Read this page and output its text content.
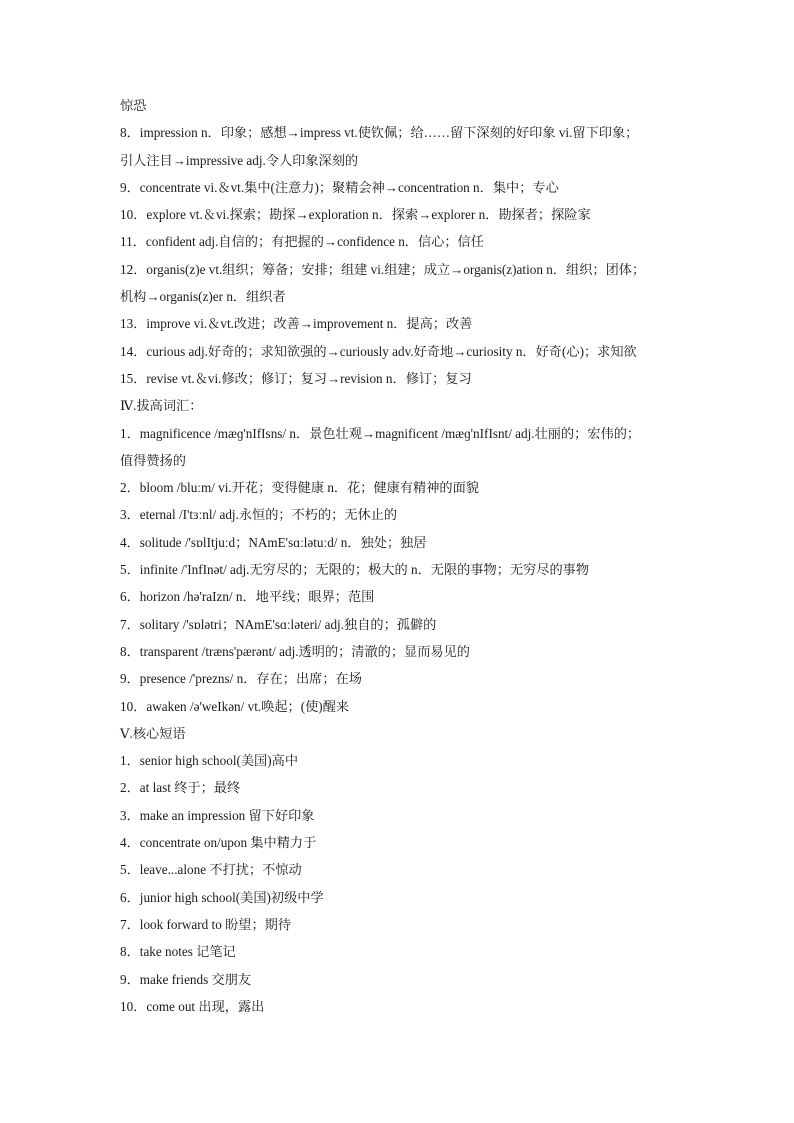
惊恐
8．impression n．印象；感想→impress vt.使钦佩；给……留下深刻的好印象 vi.留下印象；
引人注目→impressive adj.令人印象深刻的
9．concentrate vi.＆vt.集中(注意力)；聚精会神→concentration n．集中；专心
10．explore vt.＆vi.探索；勘探→exploration n．探索→explorer n．勘探者；探险家
11．confident adj.自信的；有把握的→confidence n．信心；信任
12．organis(z)e vt.组织；筹备；安排；组建 vi.组建；成立→organis(z)ation n．组织；团体；
机构→organis(z)er n．组织者
13．improve vi.＆vt.改进；改善→improvement n．提高；改善
14．curious adj.好奇的；求知欲强的→curiously adv.好奇地→curiosity n．好奇(心)；求知欲
15．revise vt.＆vi.修改；修订；复习→revision n．修订；复习
Ⅳ.拔高词汇：
1．magnificence /mæɡ'nIfIsns/ n．景色壮观→magnificent /mæɡ'nIfIsnt/ adj.壮丽的；宏伟的；
值得赞扬的
2．bloom /bluːm/ vi.开花；变得健康 n．花；健康有精神的面貌
3．eternal /I'tɜːnl/ adj.永恒的；不朽的；无休止的
4．solitude /'sɒlItjuːd；NAmE'sɑːlətuːd/ n．独处；独居
5．infinite /'InfInət/ adj.无穷尽的；无限的；极大的 n．无限的事物；无穷尽的事物
6．horizon /hə'raIzn/ n．地平线；眼界；范围
7．solitary /'sɒlətri；NAmE'sɑːləteri/ adj.独自的；孤僻的
8．transparent /træns'pærənt/ adj.透明的；清澈的；显而易见的
9．presence /'prezns/ n．存在；出席；在场
10．awaken /ə'weIkən/ vt.唤起；(使)醒来
Ⅴ.核心短语
1．senior high school(美国)高中
2．at last 终于；最终
3．make an impression 留下好印象
4．concentrate on/upon 集中精力于
5．leave...alone 不打扰；不惊动
6．junior high school(美国)初级中学
7．look forward to 盼望；期待
8．take notes 记笔记
9．make friends 交朋友
10．come out 出现，露出
